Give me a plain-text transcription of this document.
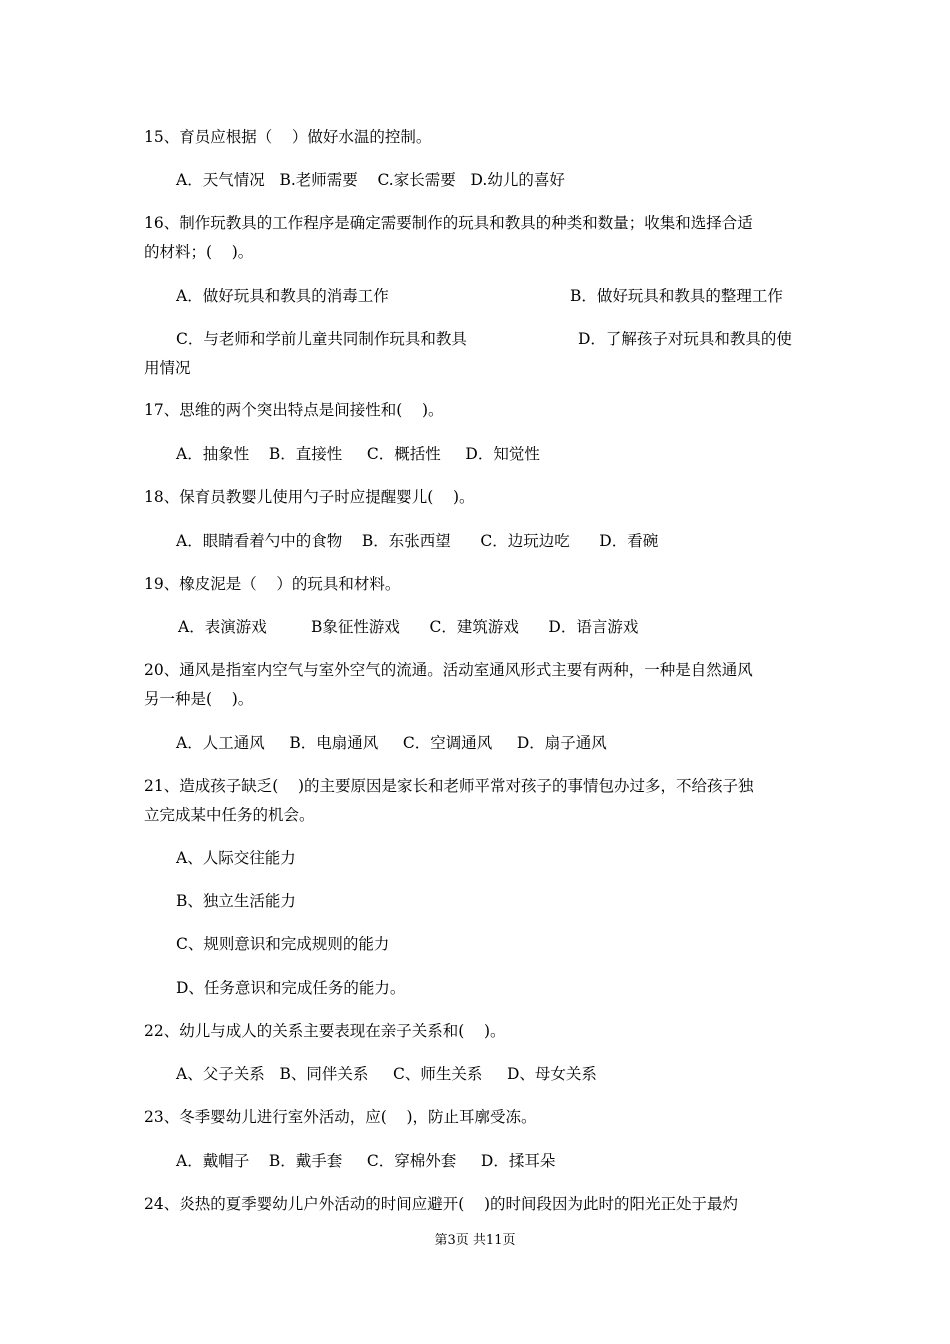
15、育员应根据（    ）做好水温的控制。
A．天气情况   B.老师需要    C.家长需要   D.幼儿的喜好
16、制作玩教具的工作程序是确定需要制作的玩具和教具的种类和数量；收集和选择合适
的材料；(    )。
A．做好玩具和教具的消毒工作	B．做好玩具和教具的整理工作
C．与老师和学前儿童共同制作玩具和教具	D．了解孩子对玩具和教具的使
用情况
17、思维的两个突出特点是间接性和(    )。
A．抽象性    B．直接性     C．概括性     D．知觉性
18、保育员教婴儿使用勺子时应提醒婴儿(    )。
A．眼睛看着勺中的食物    B．东张西望      C．边玩边吃      D．看碗
19、橡皮泥是（    ）的玩具和材料。
A．表演游戏         B象征性游戏      C．建筑游戏      D．语言游戏
20、通风是指室内空气与室外空气的流通。活动室通风形式主要有两种，一种是自然通风
另一种是(    )。
A．人工通风     B．电扇通风     C．空调通风     D．扇子通风
21、造成孩子缺乏(    )的主要原因是家长和老师平常对孩子的事情包办过多，不给孩子独
立完成某中任务的机会。
A、人际交往能力
B、独立生活能力
C、规则意识和完成规则的能力
D、任务意识和完成任务的能力。
22、幼儿与成人的关系主要表现在亲子关系和(    )。
A、父子关系   B、同伴关系     C、师生关系     D、母女关系
23、冬季婴幼儿进行室外活动，应(    )，防止耳廓受冻。
A．戴帽子    B．戴手套     C．穿棉外套     D．揉耳朵
24、炎热的夏季婴幼儿户外活动的时间应避开(    )的时间段因为此时的阳光正处于最灼
第3页 共11页
